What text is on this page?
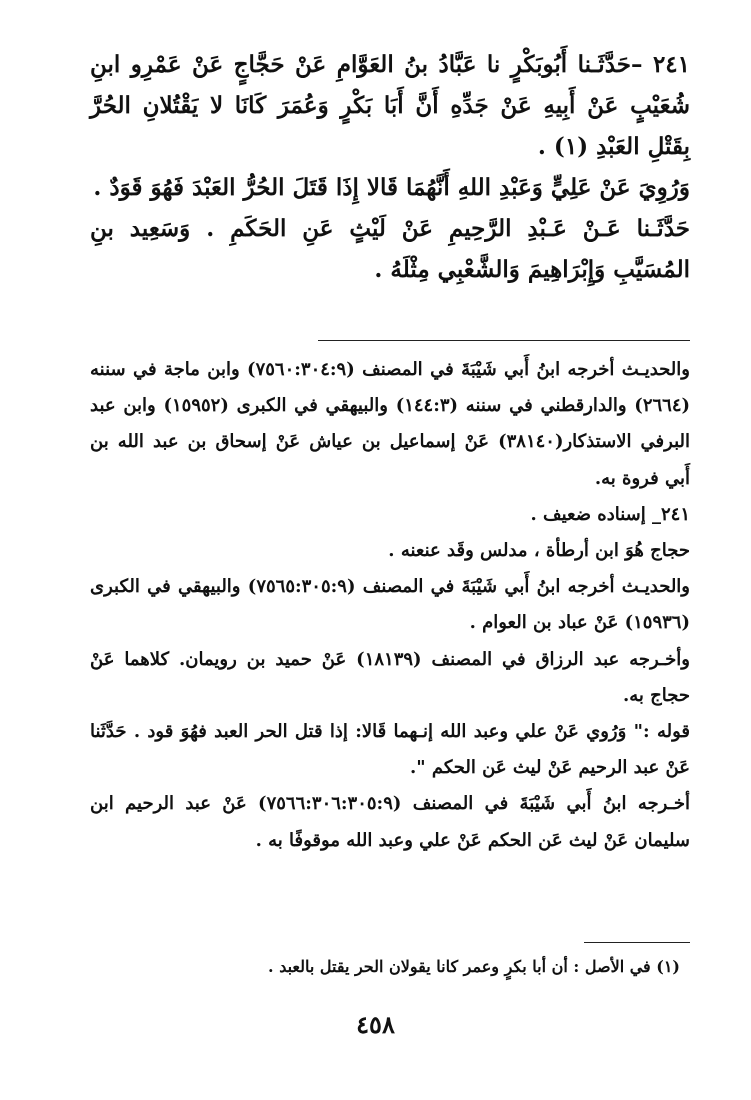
٢٤١ –حَدَّثَـنا أَبُوبَكْرٍ نا عَبَّادُ بنُ العَوَّامِ عَنْ حَجَّاجٍ عَنْ عَمْرِو ابنِ شُعَيْبٍ عَنْ أَبِيهِ عَنْ جَدِّهِ أَنَّ أَبَا بَكْرٍ وَعُمَرَ كَانَا لا يَقْتُلانِ الحُرَّ بِقَتْلِ العَبْدِ (١) .

وَرُوِيَ عَنْ عَلِيٍّ وَعَبْدِ اللهِ أَنَّهُمَا قَالا إِذَا قَتَلَ الحُرُّ العَبْدَ فَهُوَ قَوَدٌ .

حَدَّثَـنا عَـنْ عَـبْدِ الرَّحِيمِ عَنْ لَيْثٍ عَنِ الحَكَمِ . وَسَعِيد بنِ المُسَيَّبِ وَإِبْرَاهِيمَ وَالشَّعْبِي مِثْلَهُ .

والحديـث أخرجه ابنُ أَبي شَيْبَةَ في المصنف (٧٥٦٠:٣٠٤:٩) وابن ماجة في سننه (٢٦٦٤) والدارقطني في سننه (١٤٤:٣) والبيهقي في الكبرى (١٥٩٥٢) وابن عبد البرفي الاستذكار(٣٨١٤٠) عَنْ إسماعيل بن عياش عَنْ إسحاق بن عبد الله بن أَبي فروة به.

٢٤١_ إسناده ضعيف .

حجاج هُوَ ابن أرطأة ، مدلس وقَد عنعنه .

والحديـث أخرجه ابنُ أَبي شَيْبَةَ في المصنف (٧٥٦٥:٣٠٥:٩) والبيهقي في الكبرى (١٥٩٣٦) عَنْ عباد بن العوام .

وأخـرجه عبد الرزاق في المصنف (١٨١٣٩) عَنْ حميد بن رويمان. كلاهما عَنْ حجاج به.

قوله :" وَرُوي عَنْ علي وعبد الله إنـهما قَالا: إذا قتل الحر العبد فهُوَ قود . حَدَّثَنا عَنْ عبد الرحيم عَنْ ليث عَن الحكم ".

أخـرجه ابنُ أَبي شَيْبَةَ في المصنف (٧٥٦٦:٣٠٦:٣٠٥:٩) عَنْ عبد الرحيم ابن سليمان عَنْ ليث عَن الحكم عَنْ علي وعبد الله موقوفًا به .

(١) في الأصل : أن أبا بكرٍ وعمر كانا يقولان الحر يقتل بالعبد .
٤٥٨
